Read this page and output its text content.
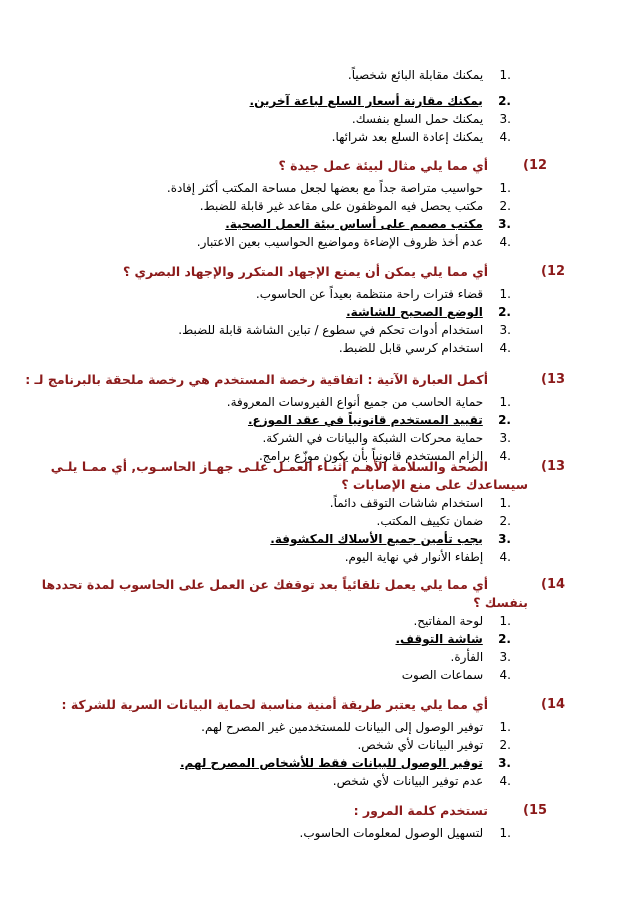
1. يمكنك مقابلة البائع شخصياً.
2. يمكنك مقارنة أسعار السلع لباعة آخرين.
3. يمكنك حمل السلع بنفسك.
4. يمكنك إعادة السلع بعد شرائها.
(12
أي مما يلي مثال لبيئة عمل جيدة ؟
1. حواسيب متراصة جداً مع بعضها لجعل مساحة المكتب أكثر إفادة.
2. مكتب يحصل فيه الموظفون على مقاعد غير قابلة للضبط.
3. مكتب مصمم على أساس بيئة العمل الصحية.
4. عدم أخذ ظروف الإضاءة ومواضيع الحواسيب بعين الاعتبار.
(12
أي مما يلي يمكن أن يمنع الإجهاد المتكرر والإجهاد البصري ؟
1. قضاء فترات راحة منتظمة بعيداً عن الحاسوب.
2. الوضع الصحيح للشاشة.
3. استخدام أدوات تحكم في سطوع / تباين الشاشة قابلة للضبط.
4. استخدام كرسي قابل للضبط.
(13
أكمل العبارة الآتية : اتفاقية رخصة المستخدم هي رخصة ملحقة بالبرنامج لـ :
1. حماية الحاسب من جميع أنواع الفيروسات المعروفة.
2. تقييد المستخدم قانونياً في عقد الموزع.
3. حماية محركات الشبكة والبيانات في الشركة.
4. إلزام المستخدم قانونياً بأن يكون موزّع برامج.
(13
الصحة والسلامة الأهـم أثنـاء العمـل علـى جهـاز الحاسـوب, أي ممـا يلـي
سيساعدك على منع الإصابات ؟
1. استخدام شاشات التوقف دائماً.
2. ضمان تكييف المكتب.
3. يجب تأمين جميع الأسلاك المكشوفة.
4. إطفاء الأنوار في نهاية اليوم.
(14
أي مما يلي يعمل تلقائياً بعد توقفك عن العمل على الحاسوب لمدة تحددها
بنفسك ؟
1. لوحة المفاتيح.
2. شاشة التوقف.
3. الفأرة.
4. سماعات الصوت
(14
أي مما يلي يعتبر طريقة أمنية مناسبة لحماية البيانات السرية للشركة :
1. توفير الوصول إلى البيانات للمستخدمين غير المصرح لهم.
2. توفير البيانات لأي شخص.
3. توفير الوصول للبيانات فقط للأشخاص المصرح لهم.
4. عدم توفير البيانات لأي شخص.
(15
تستخدم كلمة المرور :
1. لتسهيل الوصول لمعلومات الحاسوب.
